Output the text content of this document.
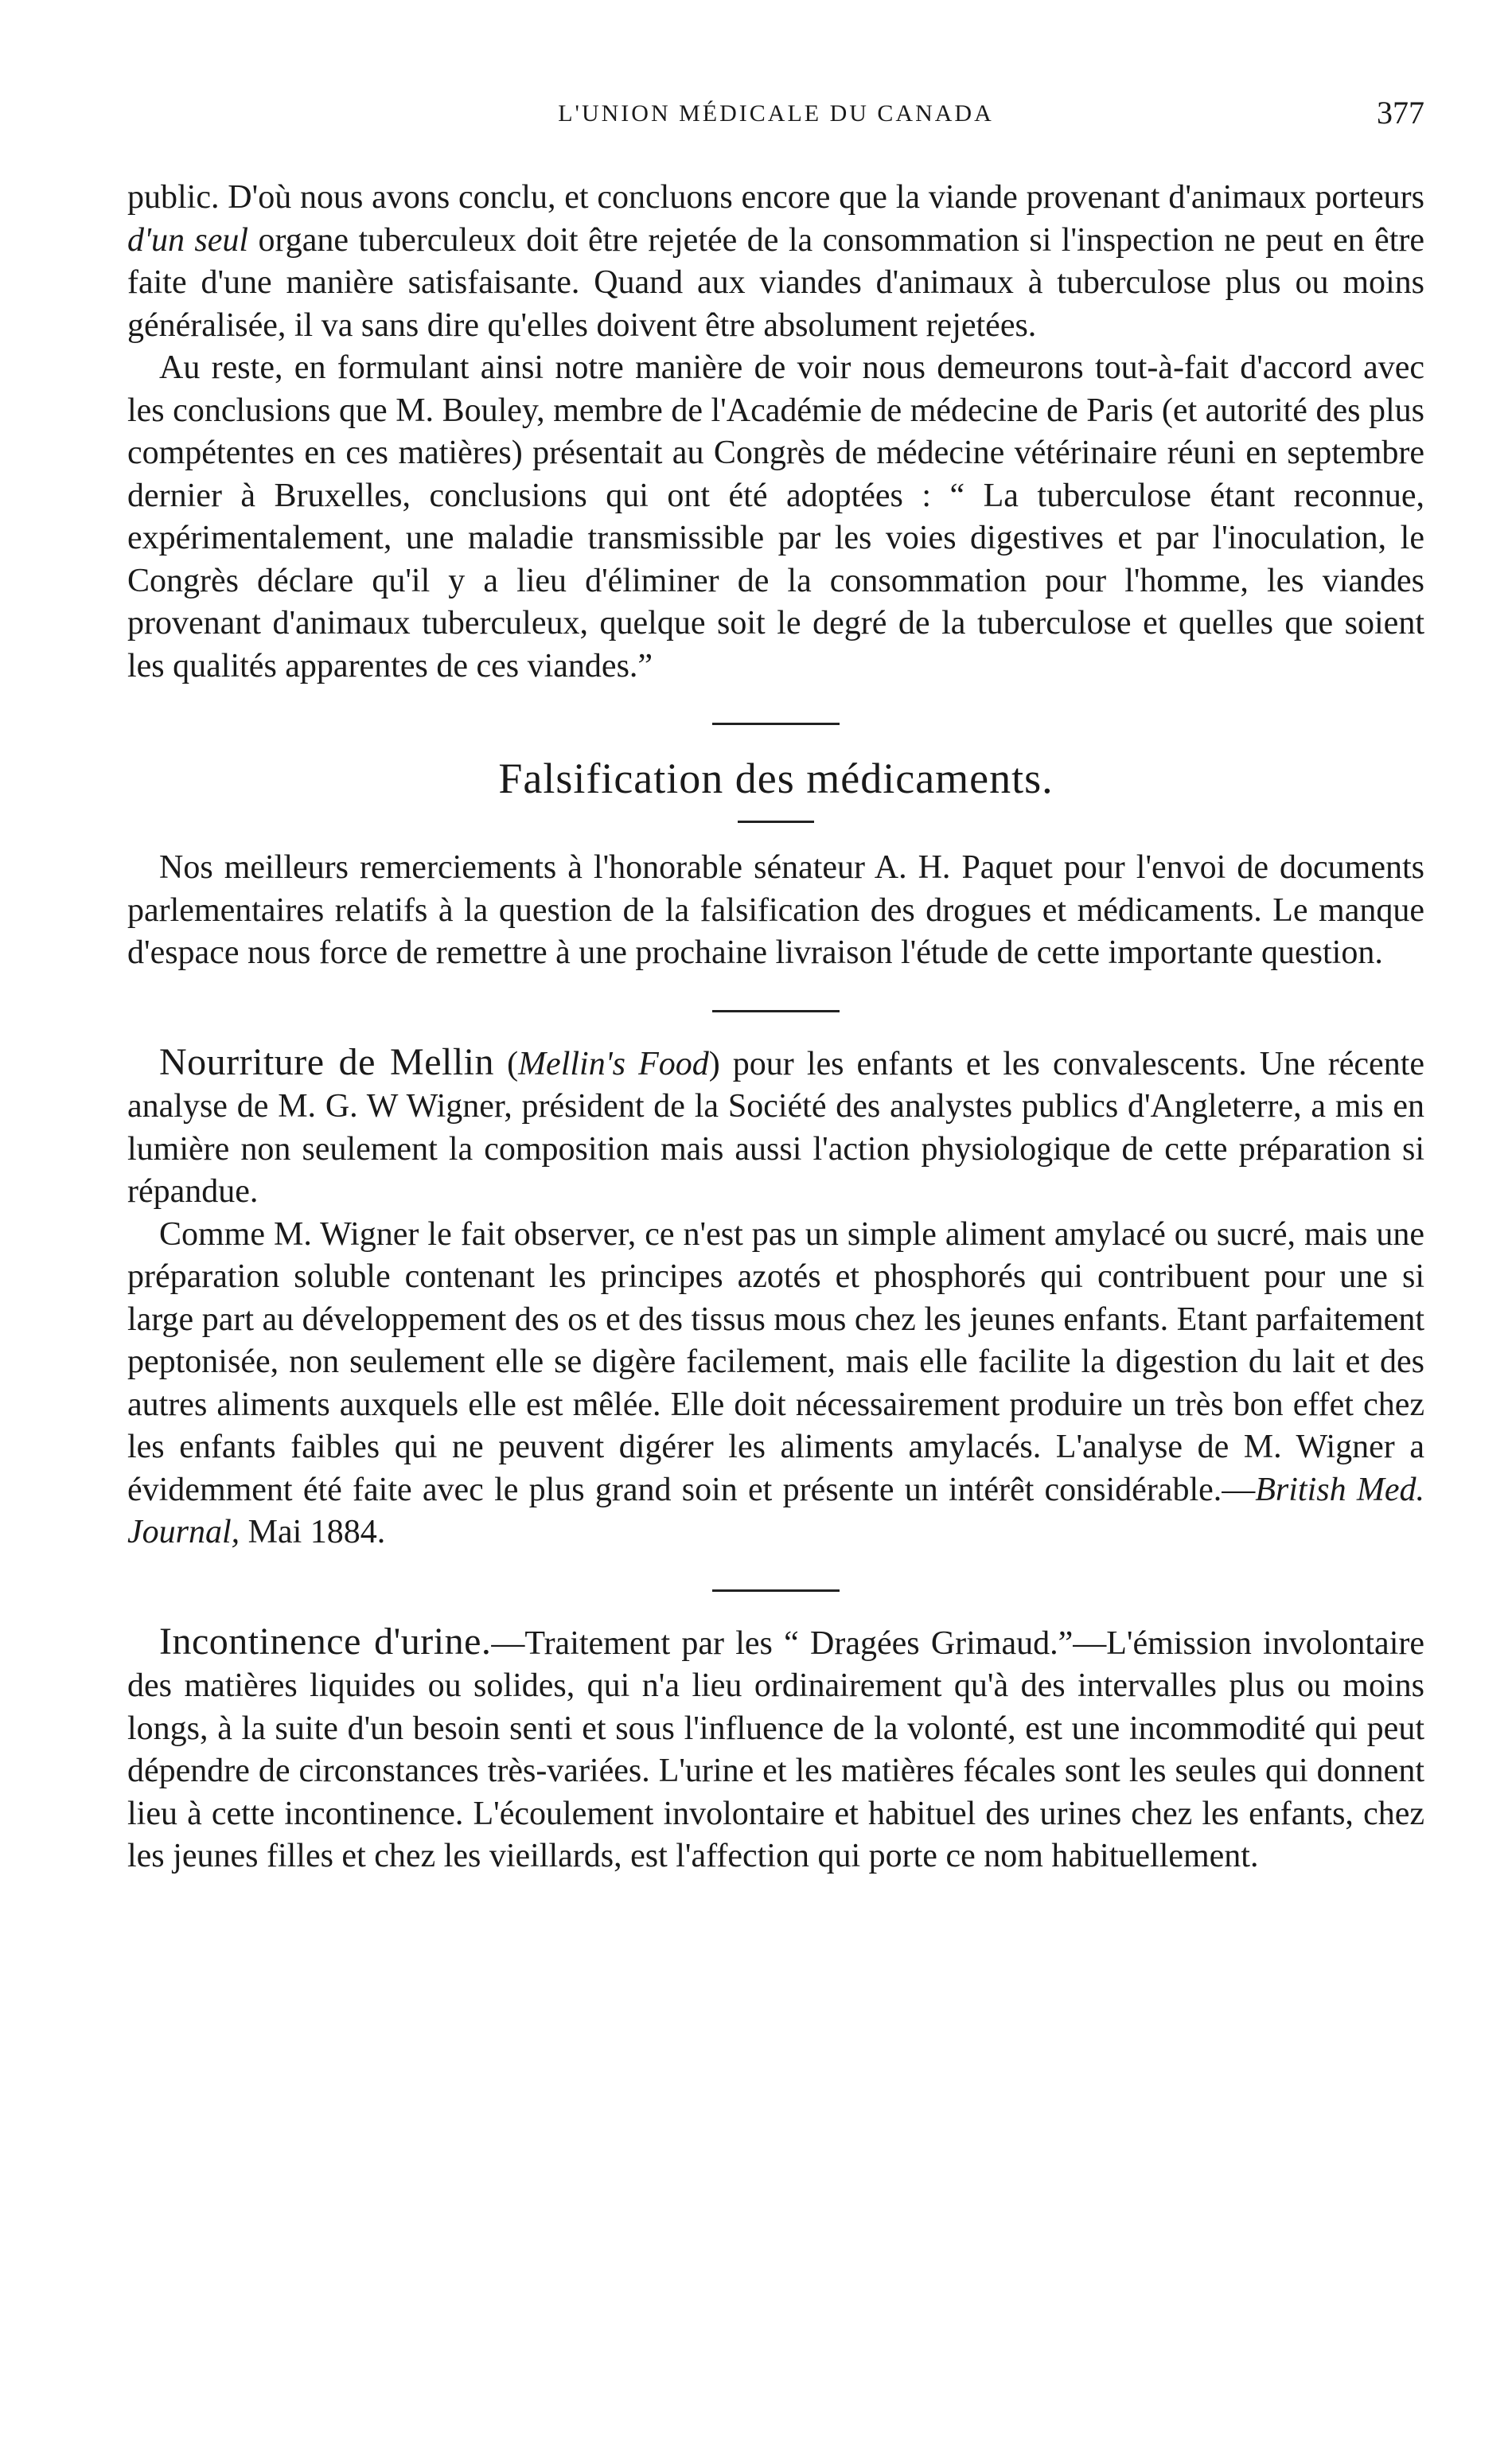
L'UNION MÉDICALE DU CANADA	377

public. D'où nous avons conclu, et concluons encore que la viande provenant d'animaux porteurs d'un seul organe tuberculeux doit être rejetée de la consommation si l'inspection ne peut en être faite d'une manière satisfaisante. Quand aux viandes d'animaux à tuberculose plus ou moins généralisée, il va sans dire qu'elles doivent être absolument rejetées.

Au reste, en formulant ainsi notre manière de voir nous demeurons tout-à-fait d'accord avec les conclusions que M. Bouley, membre de l'Académie de médecine de Paris (et autorité des plus compétentes en ces matières) présentait au Congrès de médecine vétérinaire réuni en septembre dernier à Bruxelles, conclusions qui ont été adoptées : “ La tuberculose étant reconnue, expérimentalement, une maladie transmissible par les voies digestives et par l'inoculation, le Congrès déclare qu'il y a lieu d'éliminer de la consommation pour l'homme, les viandes provenant d'animaux tuberculeux, quelque soit le degré de la tuberculose et quelles que soient les qualités apparentes de ces viandes.”

Falsification des médicaments.

Nos meilleurs remerciements à l'honorable sénateur A. H. Paquet pour l'envoi de documents parlementaires relatifs à la question de la falsification des drogues et médicaments. Le manque d'espace nous force de remettre à une prochaine livraison l'étude de cette importante question.

Nourriture de Mellin (Mellin's Food) pour les enfants et les convalescents. Une récente analyse de M. G. W Wigner, président de la Société des analystes publics d'Angleterre, a mis en lumière non seulement la composition mais aussi l'action physiologique de cette préparation si répandue.

Comme M. Wigner le fait observer, ce n'est pas un simple aliment amylacé ou sucré, mais une préparation soluble contenant les principes azotés et phosphorés qui contribuent pour une si large part au développement des os et des tissus mous chez les jeunes enfants. Etant parfaitement peptonisée, non seulement elle se digère facilement, mais elle facilite la digestion du lait et des autres aliments auxquels elle est mêlée. Elle doit nécessairement produire un très bon effet chez les enfants faibles qui ne peuvent digérer les aliments amylacés. L'analyse de M. Wigner a évidemment été faite avec le plus grand soin et présente un intérêt considérable.—British Med. Journal, Mai 1884.

Incontinence d'urine.—Traitement par les “ Dragées Grimaud.”—L'émission involontaire des matières liquides ou solides, qui n'a lieu ordinairement qu'à des intervalles plus ou moins longs, à la suite d'un besoin senti et sous l'influence de la volonté, est une incommodité qui peut dépendre de circonstances très-variées. L'urine et les matières fécales sont les seules qui donnent lieu à cette incontinence. L'écoulement involontaire et habituel des urines chez les enfants, chez les jeunes filles et chez les vieillards, est l'affection qui porte ce nom habituellement.
